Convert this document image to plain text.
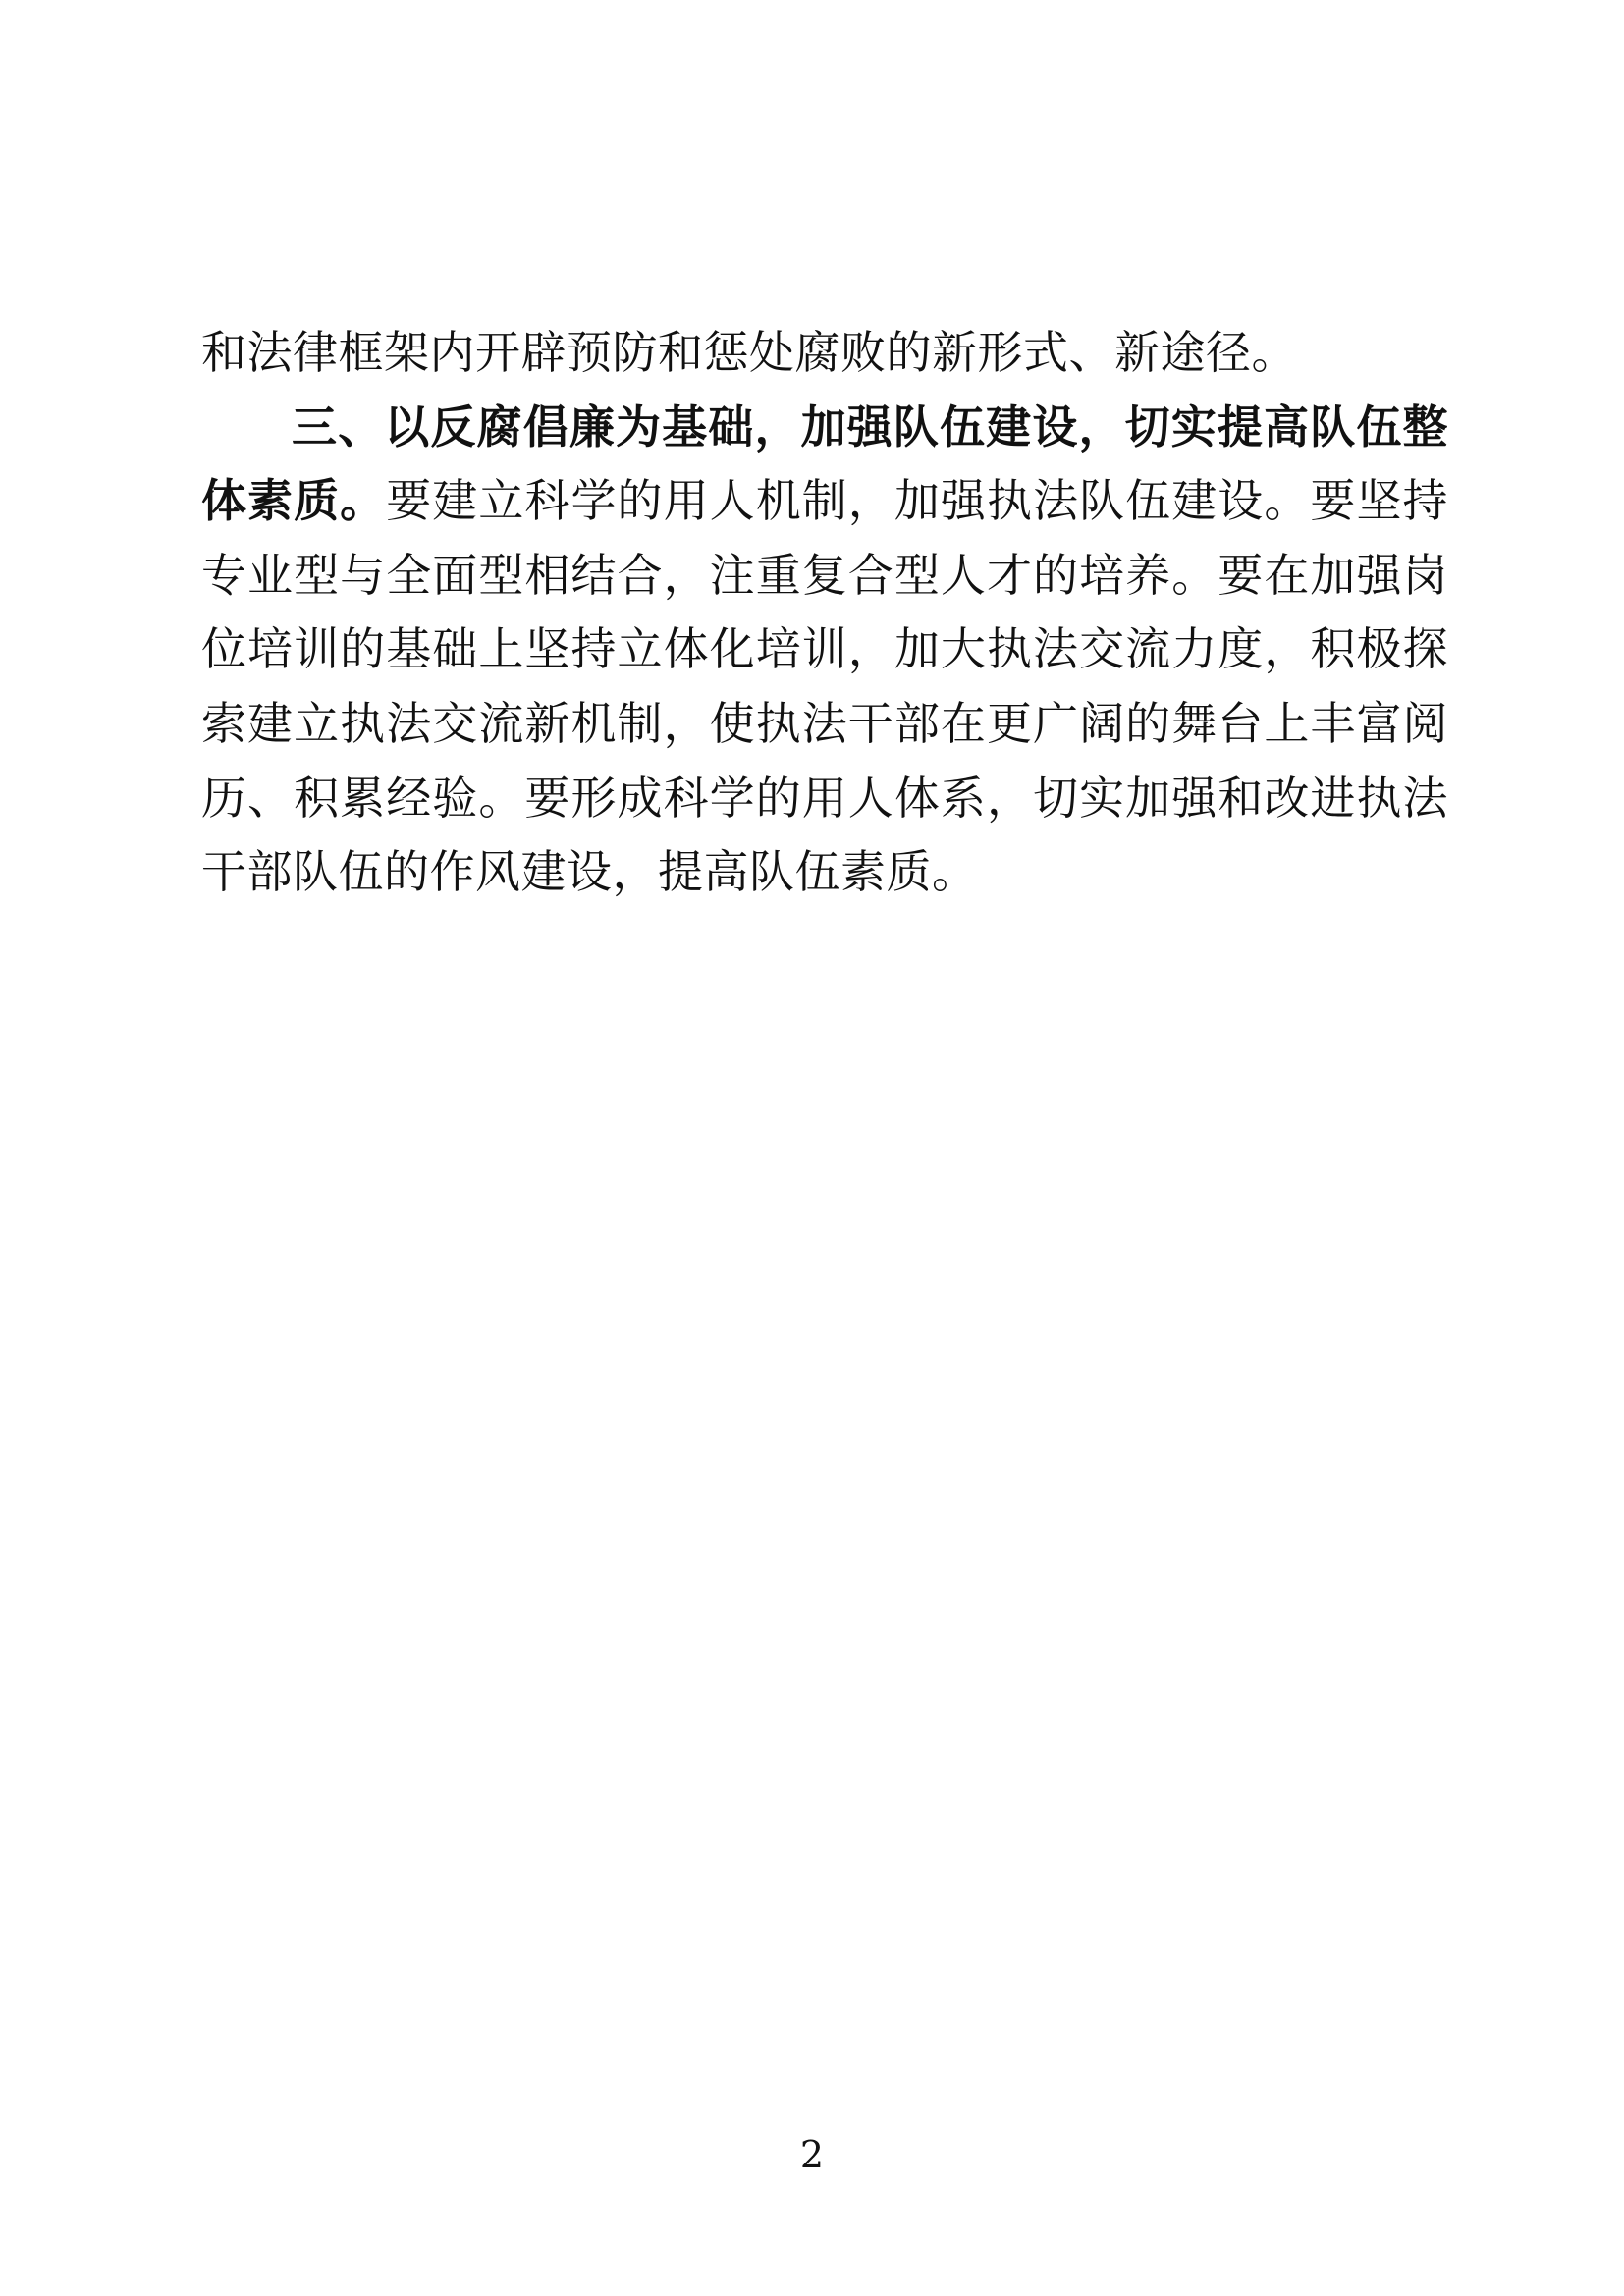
和法律框架内开辟预防和惩处腐败的新形式、新途径。

三、以反腐倡廉为基础，加强队伍建设，切实提高队伍整体素质。要建立科学的用人机制，加强执法队伍建设。要坚持专业型与全面型相结合，注重复合型人才的培养。要在加强岗位培训的基础上坚持立体化培训，加大执法交流力度，积极探索建立执法交流新机制，使执法干部在更广阔的舞台上丰富阅历、积累经验。要形成科学的用人体系，切实加强和改进执法干部队伍的作风建设，提高队伍素质。

2
